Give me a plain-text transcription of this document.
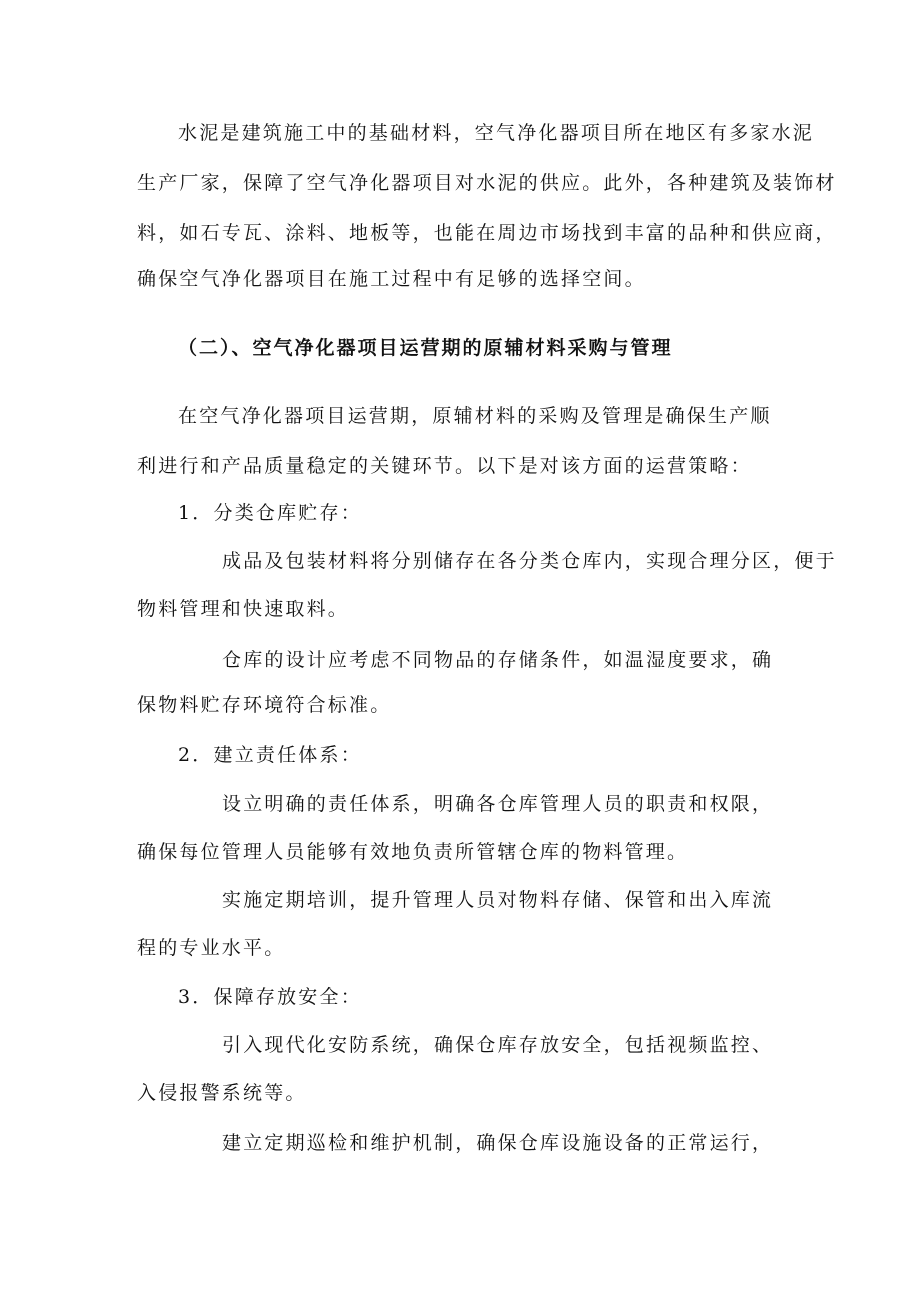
水泥是建筑施工中的基础材料，空气净化器项目所在地区有多家水泥
生产厂家，保障了空气净化器项目对水泥的供应。此外，各种建筑及装饰材
料，如石专瓦、涂料、地板等，也能在周边市场找到丰富的品种和供应商，
确保空气净化器项目在施工过程中有足够的选择空间。
（二）、空气净化器项目运营期的原辅材料采购与管理
在空气净化器项目运营期，原辅材料的采购及管理是确保生产顺
利进行和产品质量稳定的关键环节。以下是对该方面的运营策略：
1．分类仓库贮存：
成品及包装材料将分别储存在各分类仓库内，实现合理分区，便于
物料管理和快速取料。
仓库的设计应考虑不同物品的存储条件，如温湿度要求，确
保物料贮存环境符合标准。
2．建立责任体系：
设立明确的责任体系，明确各仓库管理人员的职责和权限，
确保每位管理人员能够有效地负责所管辖仓库的物料管理。
实施定期培训，提升管理人员对物料存储、保管和出入库流
程的专业水平。
3．保障存放安全：
引入现代化安防系统，确保仓库存放安全，包括视频监控、
入侵报警系统等。
建立定期巡检和维护机制，确保仓库设施设备的正常运行，
